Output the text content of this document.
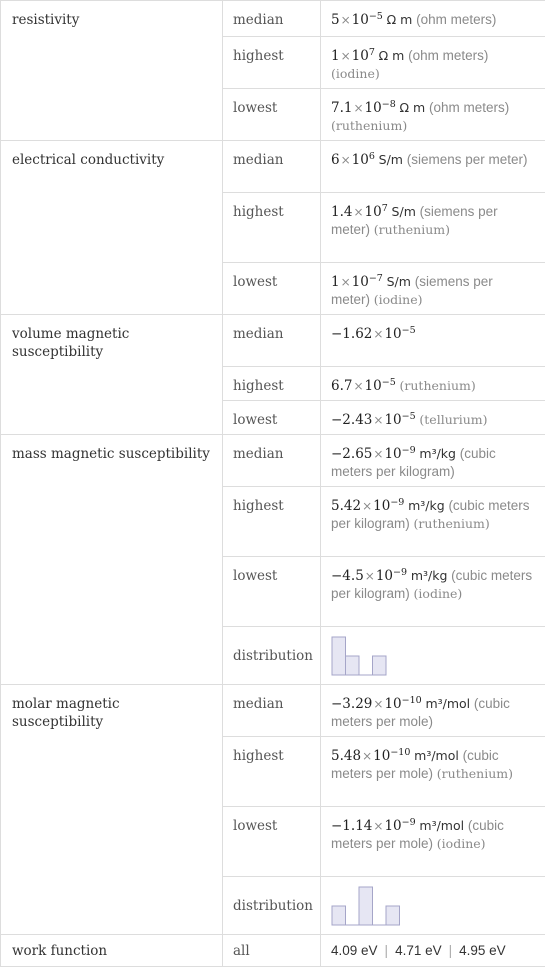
resistivity	median	$5\times 10^{-5}$ Ω m (ohm meters)
	highest	$1\times 10^7$ Ω m (ohm meters) (iodine)
	lowest	$7.1\times 10^{-8}$ Ω m (ohm meters) (ruthenium)
electrical conductivity	median	$6\times 10^6$ S/m (siemens per meter)
	highest	$1.4\times 10^7$ S/m (siemens per meter) (ruthenium)
	lowest	$1\times 10^{-7}$ S/m (siemens per meter) (iodine)
volume magnetic susceptibility	median	$-1.62\times 10^{-5}$
	highest	$6.7\times 10^{-5}$ (ruthenium)
	lowest	$-2.43\times 10^{-5}$ (tellurium)
mass magnetic susceptibility	median	$-2.65\times 10^{-9}$ m³/kg (cubic meters per kilogram)
	highest	$5.42\times 10^{-9}$ m³/kg (cubic meters per kilogram) (ruthenium)
	lowest	$-4.5\times 10^{-9}$ m³/kg (cubic meters per kilogram) (iodine)
	distribution	

molar magnetic susceptibility	median	$-3.29\times 10^{-10}$ m³/mol (cubic meters per mole)
	highest	$5.48\times 10^{-10}$ m³/mol (cubic meters per mole) (ruthenium)
	lowest	$-1.14\times 10^{-9}$ m³/mol (cubic meters per mole) (iodine)
	distribution	

work function	all	4.09 eV | 4.71 eV | 4.95 eV
